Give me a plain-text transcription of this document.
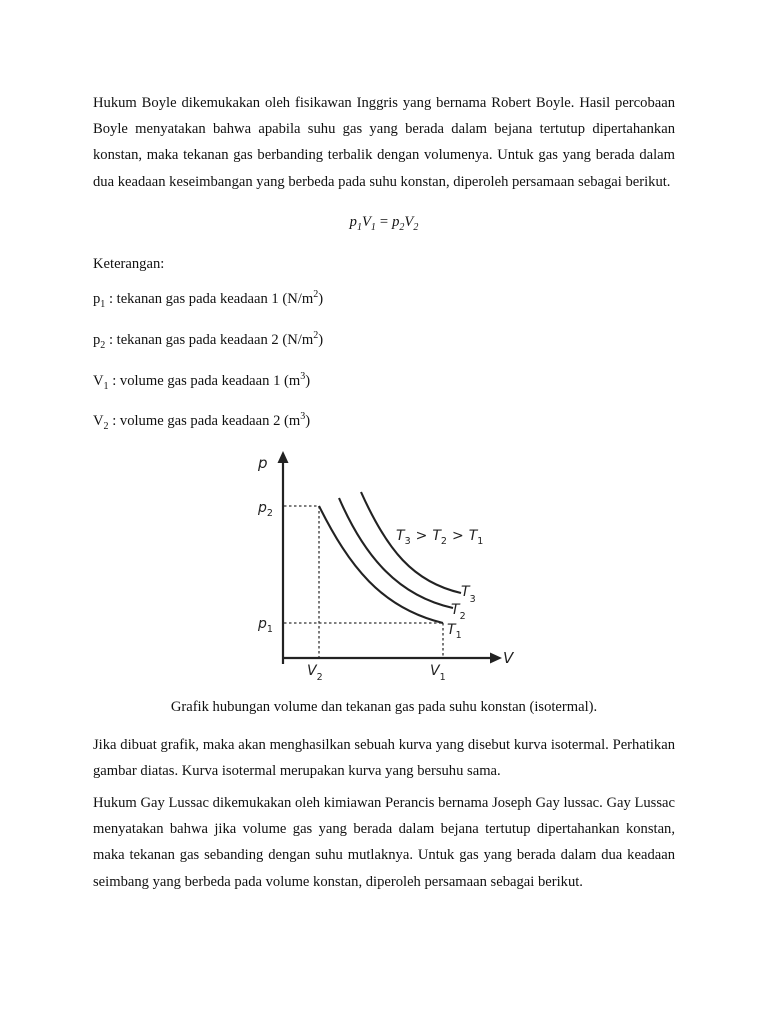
Hukum Boyle dikemukakan oleh fisikawan Inggris yang bernama Robert Boyle. Hasil percobaan Boyle menyatakan bahwa apabila suhu gas yang berada dalam bejana tertutup dipertahankan konstan, maka tekanan gas berbanding terbalik dengan volumenya. Untuk gas yang berada dalam dua keadaan keseimbangan yang berbeda pada suhu konstan, diperoleh persamaan sebagai berikut.

$p_1V_1 = p_2V_2$

Keterangan:

$p_1$ : tekanan gas pada keadaan 1 $(N/m^2)$
$p_2$ : tekanan gas pada keadaan 2 $(N/m^2)$
$V_1$ : volume gas pada keadaan 1 $(m^3)$
$V_2$ : volume gas pada keadaan 2 $(m^3)$
p
V
$p_2$
$p_1$
$V_2$	$V_1$
$T_3 > T_2 > T_1$
$T_3$
$T_2$
$T_1$

Grafik hubungan volume dan tekanan gas pada suhu konstan (isotermal).

Jika dibuat grafik, maka akan menghasilkan sebuah kurva yang disebut kurva isotermal. Perhatikan gambar diatas. Kurva isotermal merupakan kurva yang bersuhu sama.

Hukum Gay Lussac dikemukakan oleh kimiawan Perancis bernama Joseph Gay lussac. Gay Lussac menyatakan bahwa jika volume gas yang berada dalam bejana tertutup dipertahankan konstan, maka tekanan gas sebanding dengan suhu mutlaknya. Untuk gas yang berada dalam dua keadaan seimbang yang berbeda pada volume konstan, diperoleh persamaan sebagai berikut.
